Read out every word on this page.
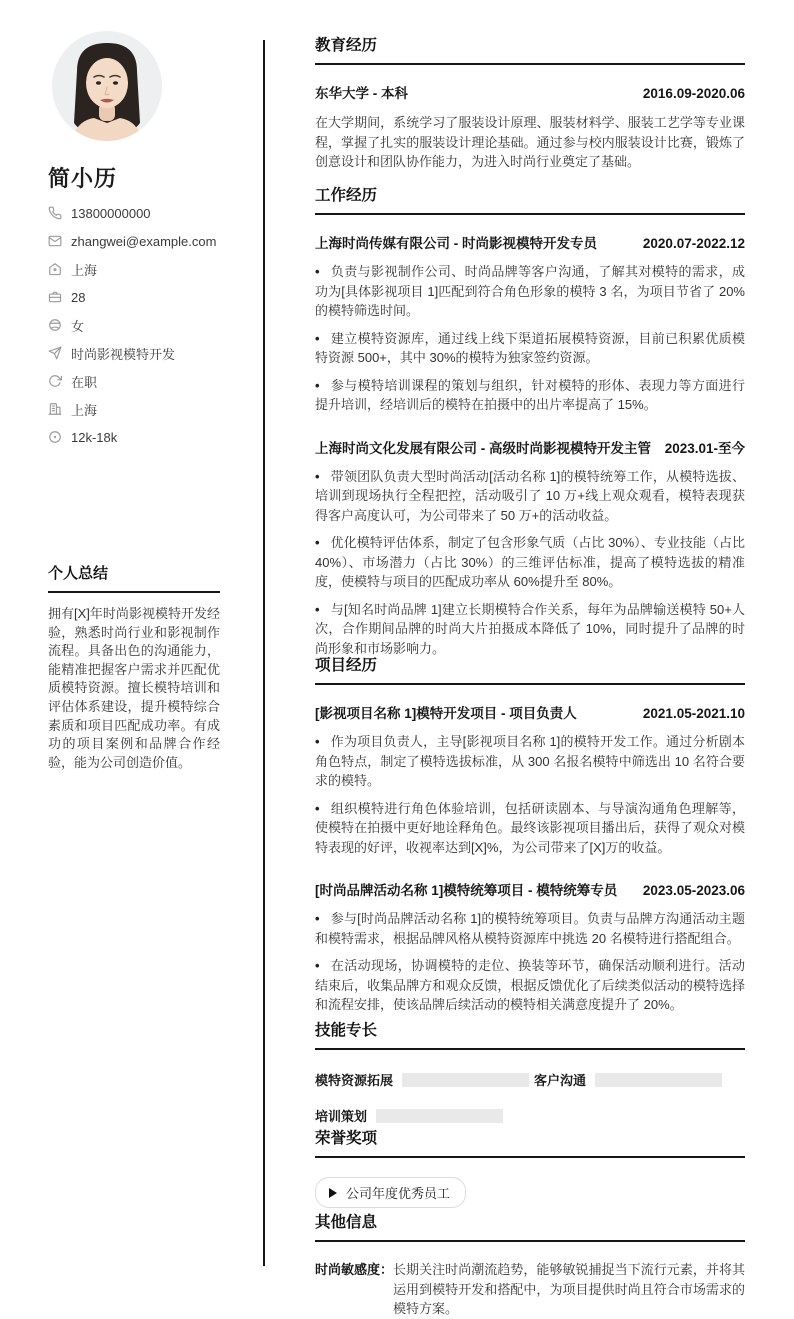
简小历
13800000000
zhangwei@example.com
上海
28
女
时尚影视模特开发
在职
上海
12k-18k
个人总结
拥有[X]年时尚影视模特开发经验，熟悉时尚行业和影视制作流程。具备出色的沟通能力，能精准把握客户需求并匹配优质模特资源。擅长模特培训和评估体系建设，提升模特综合素质和项目匹配成功率。有成功的项目案例和品牌合作经验，能为公司创造价值。
教育经历
东华大学 - 本科	2016.09-2020.06
在大学期间，系统学习了服装设计原理、服装材料学、服装工艺学等专业课程，掌握了扎实的服装设计理论基础。通过参与校内服装设计比赛，锻炼了创意设计和团队协作能力，为进入时尚行业奠定了基础。
工作经历
上海时尚传媒有限公司 - 时尚影视模特开发专员	2020.07-2022.12
• 负责与影视制作公司、时尚品牌等客户沟通，了解其对模特的需求，成功为[具体影视项目 1]匹配到符合角色形象的模特 3 名，为项目节省了 20%的模特筛选时间。
• 建立模特资源库，通过线上线下渠道拓展模特资源，目前已积累优质模特资源 500+，其中 30%的模特为独家签约资源。
• 参与模特培训课程的策划与组织，针对模特的形体、表现力等方面进行提升培训，经培训后的模特在拍摄中的出片率提高了 15%。
上海时尚文化发展有限公司 - 高级时尚影视模特开发主管 2023.01-至今
• 带领团队负责大型时尚活动[活动名称 1]的模特统筹工作，从模特选拔、培训到现场执行全程把控，活动吸引了 10 万+线上观众观看，模特表现获得客户高度认可，为公司带来了 50 万+的活动收益。
• 优化模特评估体系，制定了包含形象气质（占比 30%）、专业技能（占比 40%）、市场潜力（占比 30%）的三维评估标准，提高了模特选拔的精准度，使模特与项目的匹配成功率从 60%提升至 80%。
• 与[知名时尚品牌 1]建立长期模特合作关系，每年为品牌输送模特 50+人次，合作期间品牌的时尚大片拍摄成本降低了 10%，同时提升了品牌的时尚形象和市场影响力。
项目经历
[影视项目名称 1]模特开发项目 - 项目负责人	2021.05-2021.10
• 作为项目负责人，主导[影视项目名称 1]的模特开发工作。通过分析剧本角色特点，制定了模特选拔标准，从 300 名报名模特中筛选出 10 名符合要求的模特。
• 组织模特进行角色体验培训，包括研读剧本、与导演沟通角色理解等，使模特在拍摄中更好地诠释角色。最终该影视项目播出后，获得了观众对模特表现的好评，收视率达到[X]%，为公司带来了[X]万的收益。
[时尚品牌活动名称 1]模特统筹项目 - 模特统筹专员 2023.05-2023.06
• 参与[时尚品牌活动名称 1]的模特统筹项目。负责与品牌方沟通活动主题和模特需求，根据品牌风格从模特资源库中挑选 20 名模特进行搭配组合。
• 在活动现场，协调模特的走位、换装等环节，确保活动顺利进行。活动结束后，收集品牌方和观众反馈，根据反馈优化了后续类似活动的模特选择和流程安排，使该品牌后续活动的模特相关满意度提升了 20%。
技能专长
模特资源拓展	客户沟通
培训策划
荣誉奖项
公司年度优秀员工
其他信息
时尚敏感度： 长期关注时尚潮流趋势，能够敏锐捕捉当下流行元素，并将其运用到模特开发和搭配中，为项目提供时尚且符合市场需求的模特方案。
